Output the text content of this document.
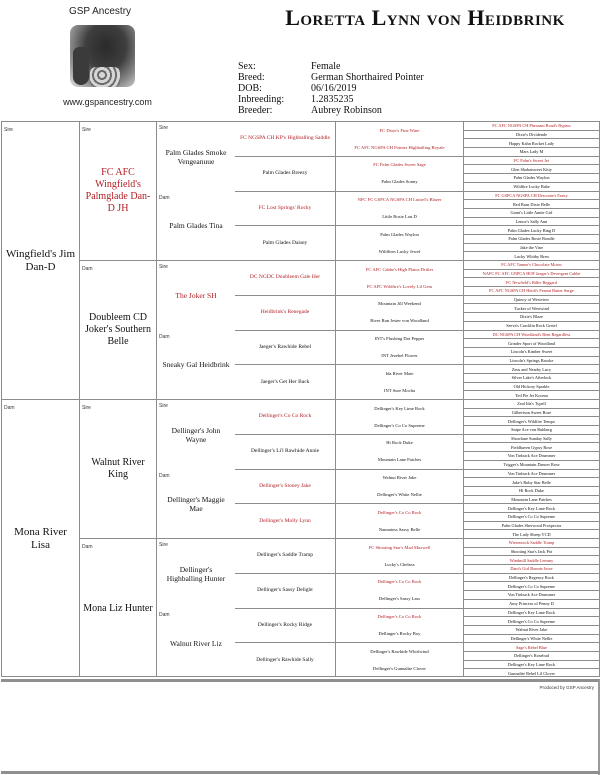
GSP Ancestry
www.gspancestry.com
Loretta Lynn von Heidbrink
Sex:	Female
Breed:	German Shorthaired Pointer
DOB:	06/16/2019
Inbreeding:	1.2835235
Breeder:	Aubrey Robinson
Sire
Wingfield's Jim Dan-D
Dam
Mona River Lisa
Sire
FC AFC Wingfield's Palmglade Dan-D JH
Dam
Doubleem CD Joker's Southern Belle
Sire
Walnut River King
Dam
Mona Liz Hunter
Sire
Palm Glades Smoke Vengeanuue
Dam
Palm Glades Tina
Sire
The Joker SH
Dam
Sneaky Gal Heidbrink
Sire
Dellinger's John Wayne
Dam
Dellinger's Maggie Mae
Sire
Dellinger's Highballing Hunter
Dam
Walnut River Liz
FC NGSPA CH KP's Highballing Saddle
Palm Glades Breezy
FC Lost Springs' Rocky
Palm Glades Daisey
DC NGDC Doubleem Gale Her
Heidbrink's Renegade
Jaeger's Rawhide Rebel
Jaeger's Get Her Back
Dellinger's Co Co Rock
Dellinger's Li'l Rawhide Annie
Dellinger's Stoney Jake
Dellinger's Molly Lynn
Dellinger's Saddle Tramp
Dellinger's Sassy Delight
Dellinger's Rocky Ridge
Dellinger's Rawhide Sally
FC Dixie's Fine Wine
FC AFC NGSPA CH Pointer Highballing Royale
FC Palm Glades Sweet Sage
Palm Glades Sonny
NFC FC GSPCA NGSPA CH Luttrel's Blazer
Little Rosie Lou D
Palm Glades Waylon
Wildfires Lucky Jewel
FC AFC Cabbe's High Plains Drifter
FC AFC Wildfire's Lovely Lil Gem
Mountain Jill Weekend
River Run Jester von Woodland
INT's Flushing Dot Pepper
INT Jezebel Flower
Ida River Mate
INT Sure Mocha
Dellinger's Key Lime Rock
Dellinger's Co Co Supreme
Hi Rock Duke
Mountain Lane Patches
Walnut River Jake
Dellinger's White Nellie
Dellinger's Co Co Rock
Nannatess Sassy Belle
FC Shooting Star's Mad Maxwell
Lucky's Chelsea
Dellinger's Co Co Rock
Dellinger's Sassy Lass
Dellinger's Co Co Rock
Dellinger's Rocky Boy
Dellinger's Rawhide Whirlwind
Dellinger's Gunnalite Clover
FC AFC NGSPA CH Pheasant Road's Bypass
Dixie's Dividende
Happy Kahn Rocket Lady
Mars Lady M
FC Palm's Sweet Jet
Glen Shabatsweet Kitty
Palm Glades Waylon
Wildfire Lucky Babe
FC GSPCA NGSPA CH Desconte's Fancy
Red Barn Dixie Belle
Grant's Little Annie Girl
Lenox's Sally Ann
Palm Glades Lucky Bing D
Palm Glades Rosie Rondle
Jake the Vine
Lucky Whitby Bren
FC AFC Tanner's Chocolate Moses
NAFC FC AFC GNPCA HOF Jaeger's Devergent Cabbe
FC Newfield's Billie Reggard
FC AFC NGSPA CH Heidi's Peanut Butter Surge
Quincy of Westview
Tucker of Westwind
Dixie's Blaze
Seeva's Cracklin Rock Gretel
DC NGSPA CH Woodland's Bent Regardless
Grinder Sport of Woodland
Lincoln's Kimber Sweet
Lincoln's Springs Brooke
Zeus and Nearby Lucy
Silver Lake's Afterlock
Old Hickory Sparkle
Ted Pie Jet Kooma
Zeal Ida's Typell
Gilbertson Sweet Rose
Dellinger's Wildfire Tempo
Snipe Ace von Ruhberg
Showlane Sunday Sally
Fieldhaven Gypsy Rose
Von Tinbuck Ace Drummer
Trigger's Mountain Dancer Rose
Von Tinbuck Ace Drummer
Jake's Ruby Star Belle
Hi Rock Duke
Mountain Lane Patches
Dellinger's Key Lime Rock
Dellinger's Co Co Supreme
Palm Glades Sherwood Prospector
The Lady Sheep VCD
Wiesenrock Saddle Tramp
Shooting Star's Jack Pot
Windmill Saddle Lemmy
Dani's Girl Bonnie Jesse
Dellinger's Regency Rock
Dellinger's Co Co Supreme
Von Tinbuck Ace Drummer
Amy Princess of Penny D
Dellinger's Key Lime Rock
Dellinger's Co Co Supreme
Walnut River Jake
Dellinger's White Nellie
Sage's Rebel Blue
Dellinger's Rosebud
Dellinger's Key Lime Rock
Gunnalite Rebel Lil Clover
Produced by GSP Ancestry
